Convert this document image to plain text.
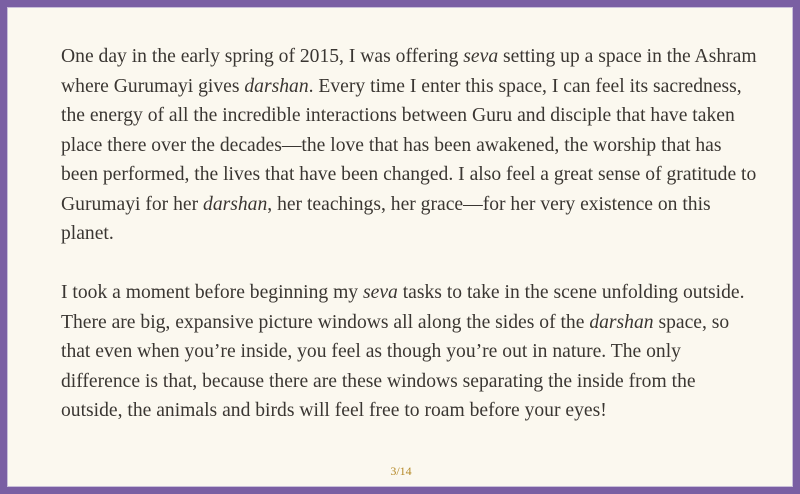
One day in the early spring of 2015, I was offering seva setting up a space in the Ashram where Gurumayi gives darshan. Every time I enter this space, I can feel its sacredness, the energy of all the incredible interactions between Guru and disciple that have taken place there over the decades—the love that has been awakened, the worship that has been performed, the lives that have been changed. I also feel a great sense of gratitude to Gurumayi for her darshan, her teachings, her grace—for her very existence on this planet.

I took a moment before beginning my seva tasks to take in the scene unfolding outside. There are big, expansive picture windows all along the sides of the darshan space, so that even when you’re inside, you feel as though you’re out in nature. The only difference is that, because there are these windows separating the inside from the outside, the animals and birds will feel free to roam before your eyes!

3/14
